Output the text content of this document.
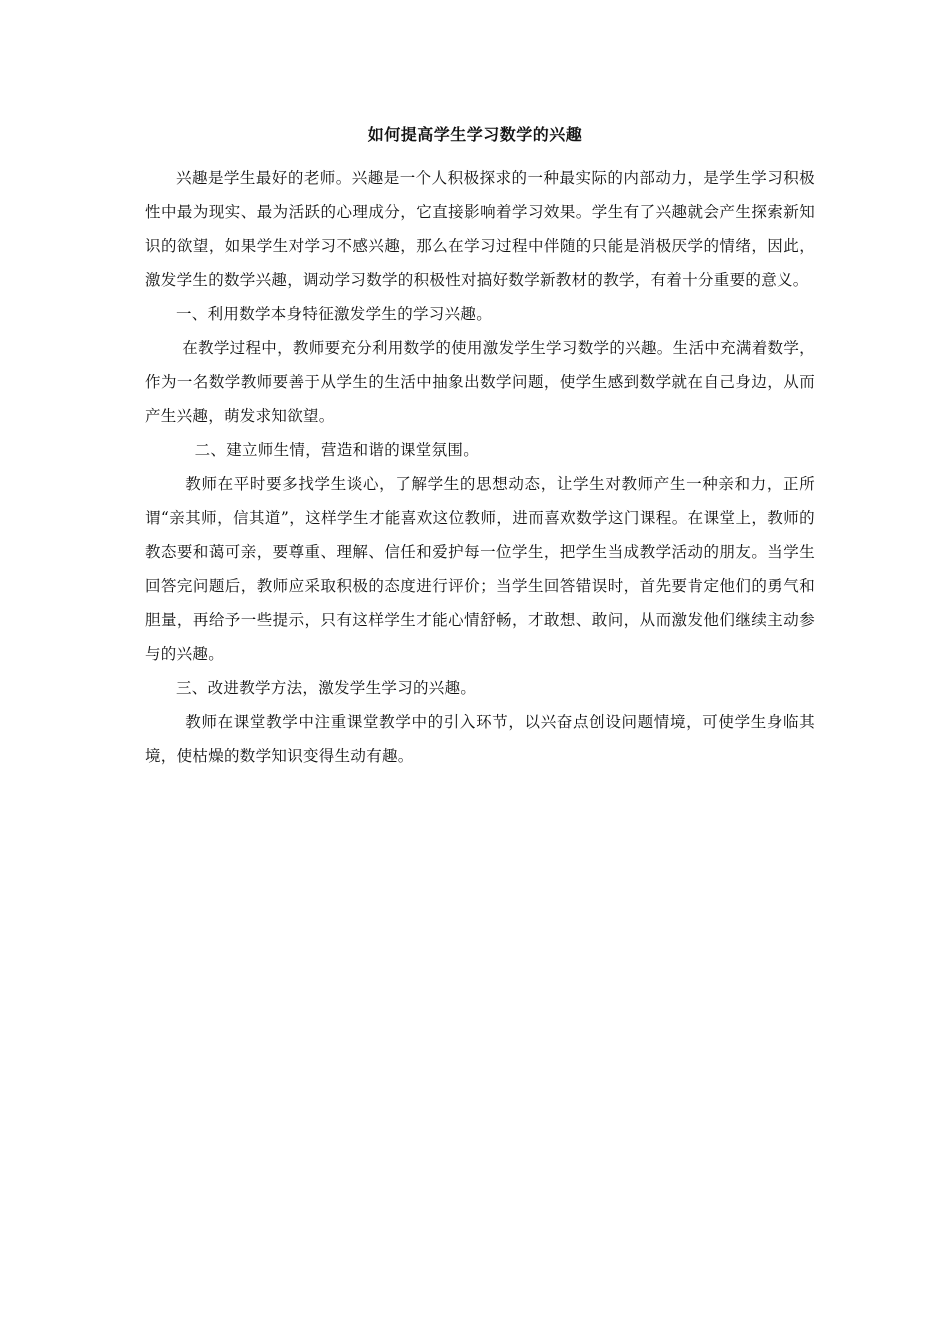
如何提高学生学习数学的兴趣

兴趣是学生最好的老师。兴趣是一个人积极探求的一种最实际的内部动力，是学生学习积极性中最为现实、最为活跃的心理成分，它直接影响着学习效果。学生有了兴趣就会产生探索新知识的欲望，如果学生对学习不感兴趣，那么在学习过程中伴随的只能是消极厌学的情绪，因此，激发学生的数学兴趣，调动学习数学的积极性对搞好数学新教材的教学，有着十分重要的意义。

一、利用数学本身特征激发学生的学习兴趣。

在教学过程中，教师要充分利用数学的使用激发学生学习数学的兴趣。生活中充满着数学，作为一名数学教师要善于从学生的生活中抽象出数学问题，使学生感到数学就在自己身边，从而产生兴趣，萌发求知欲望。

二、建立师生情，营造和谐的课堂氛围。

教师在平时要多找学生谈心，了解学生的思想动态，让学生对教师产生一种亲和力，正所谓“亲其师，信其道”，这样学生才能喜欢这位教师，进而喜欢数学这门课程。在课堂上，教师的教态要和蔼可亲，要尊重、理解、信任和爱护每一位学生，把学生当成教学活动的朋友。当学生回答完问题后，教师应采取积极的态度进行评价；当学生回答错误时，首先要肯定他们的勇气和胆量，再给予一些提示，只有这样学生才能心情舒畅，才敢想、敢问，从而激发他们继续主动参与的兴趣。

三、改进教学方法，激发学生学习的兴趣。

教师在课堂教学中注重课堂教学中的引入环节，以兴奋点创设问题情境，可使学生身临其境，使枯燥的数学知识变得生动有趣。
